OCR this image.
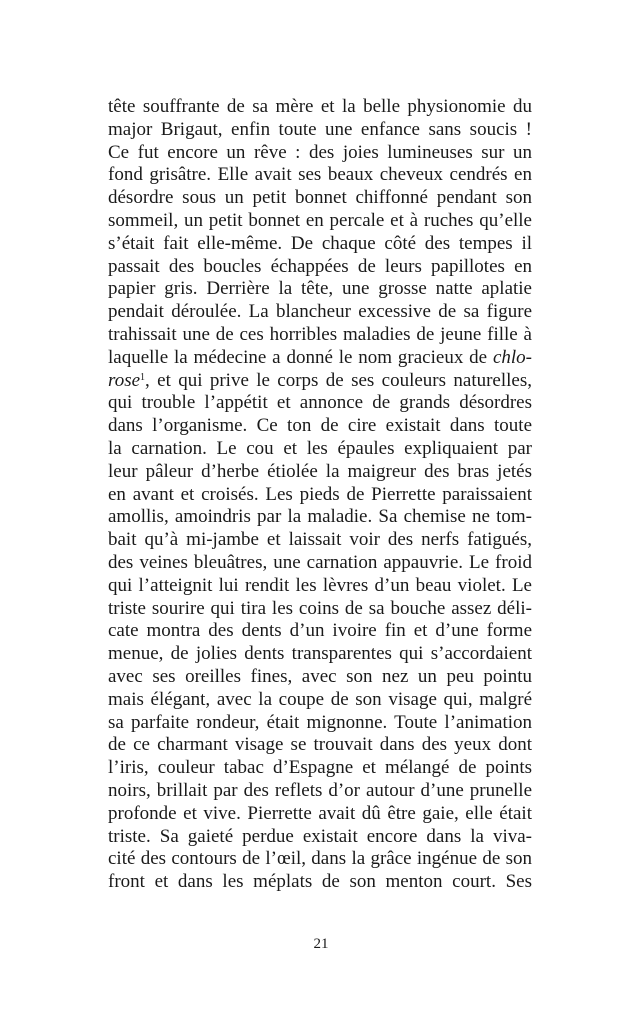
tête souffrante de sa mère et la belle physionomie du
major Brigaut, enfin toute une enfance sans soucis !
Ce fut encore un rêve : des joies lumineuses sur un
fond grisâtre. Elle avait ses beaux cheveux cendrés en
désordre sous un petit bonnet chiffonné pendant son
sommeil, un petit bonnet en percale et à ruches qu’elle
s’était fait elle-même. De chaque côté des tempes il
passait des boucles échappées de leurs papillotes en
papier gris. Derrière la tête, une grosse natte aplatie
pendait déroulée. La blancheur excessive de sa figure
trahissait une de ces horribles maladies de jeune fille à
laquelle la médecine a donné le nom gracieux de chlo-
rose$^1$, et qui prive le corps de ses couleurs naturelles,
qui trouble l’appétit et annonce de grands désordres
dans l’organisme. Ce ton de cire existait dans toute
la carnation. Le cou et les épaules expliquaient par
leur pâleur d’herbe étiolée la maigreur des bras jetés
en avant et croisés. Les pieds de Pierrette paraissaient
amollis, amoindris par la maladie. Sa chemise ne tom-
bait qu’à mi-jambe et laissait voir des nerfs fatigués,
des veines bleuâtres, une carnation appauvrie. Le froid
qui l’atteignit lui rendit les lèvres d’un beau violet. Le
triste sourire qui tira les coins de sa bouche assez déli-
cate montra des dents d’un ivoire fin et d’une forme
menue, de jolies dents transparentes qui s’accordaient
avec ses oreilles fines, avec son nez un peu pointu
mais élégant, avec la coupe de son visage qui, malgré
sa parfaite rondeur, était mignonne. Toute l’animation
de ce charmant visage se trouvait dans des yeux dont
l’iris, couleur tabac d’Espagne et mélangé de points
noirs, brillait par des reflets d’or autour d’une prunelle
profonde et vive. Pierrette avait dû être gaie, elle était
triste. Sa gaieté perdue existait encore dans la viva-
cité des contours de l’œil, dans la grâce ingénue de son
front et dans les méplats de son menton court. Ses
21
